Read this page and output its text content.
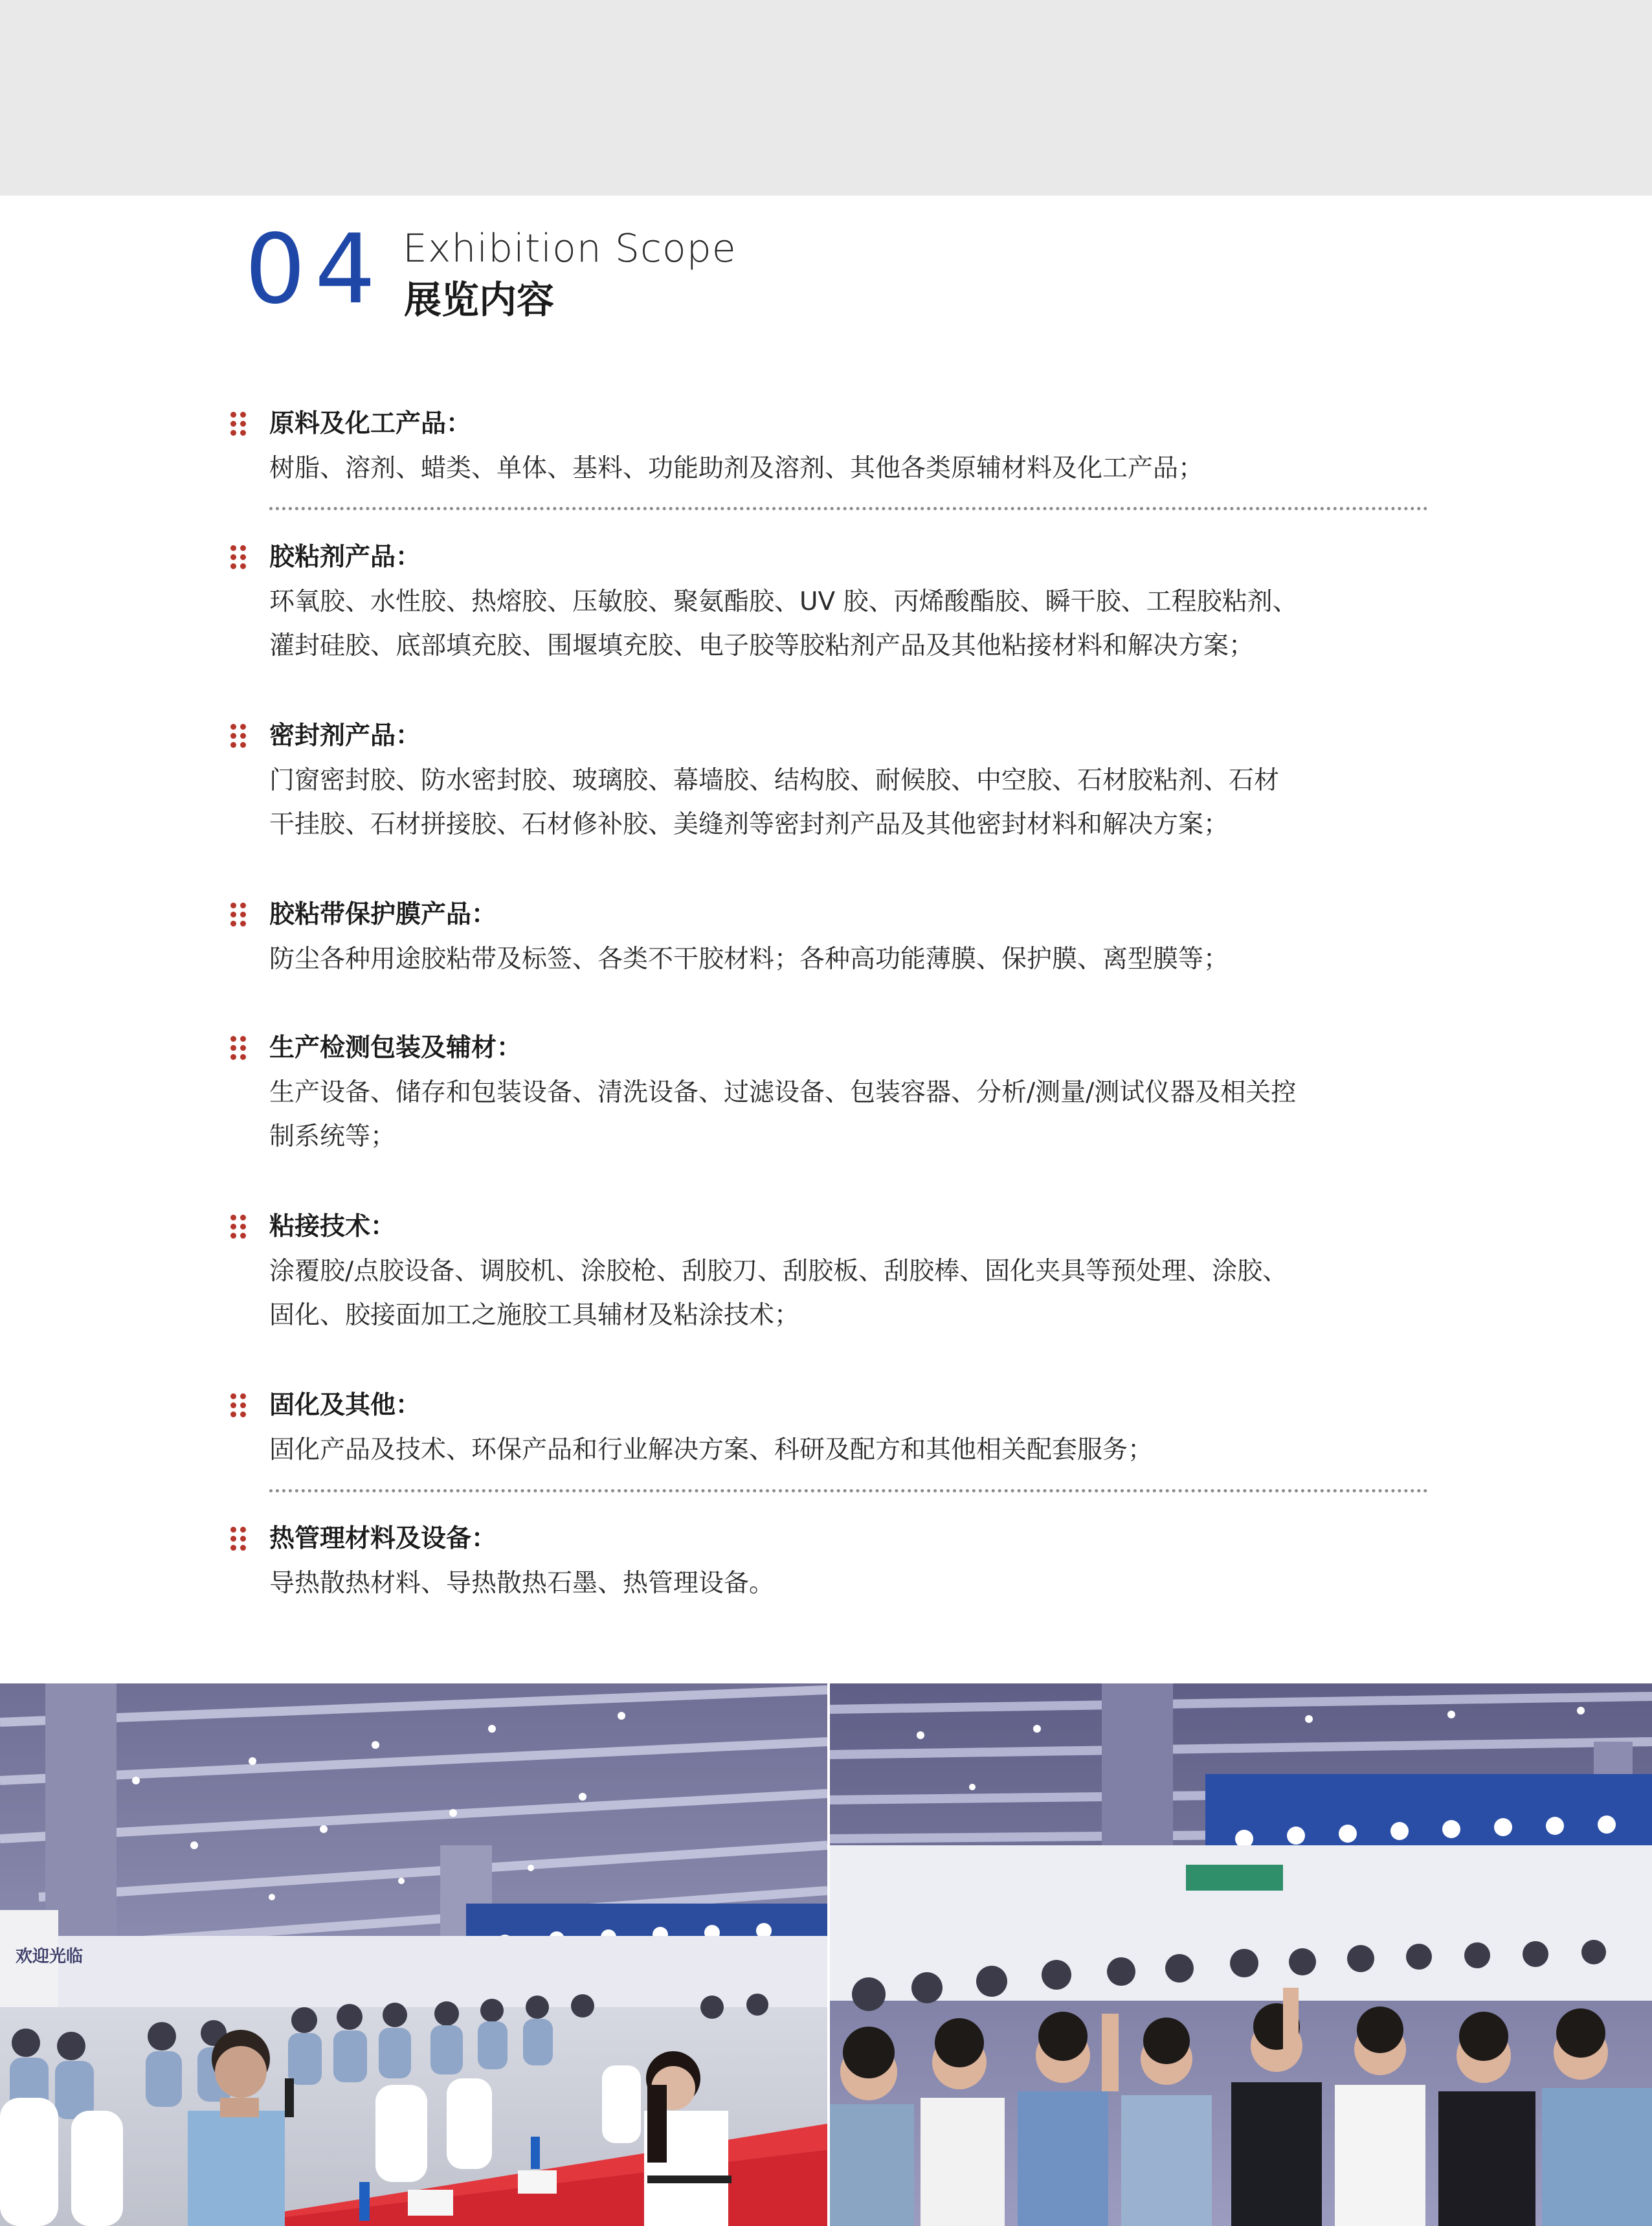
04 Exhibition Scope
展览内容
原料及化工产品：

树脂、溶剂、蜡类、单体、基料、功能助剂及溶剂、其他各类原辅材料及化工产品；

胶粘剂产品：

环氧胶、水性胶、热熔胶、压敏胶、聚氨酯胶、UV 胶、丙烯酸酯胶、瞬干胶、工程胶粘剂、
灌封硅胶、底部填充胶、围堰填充胶、电子胶等胶粘剂产品及其他粘接材料和解决方案；

密封剂产品：

门窗密封胶、防水密封胶、玻璃胶、幕墙胶、结构胶、耐候胶、中空胶、石材胶粘剂、石材
干挂胶、石材拼接胶、石材修补胶、美缝剂等密封剂产品及其他密封材料和解决方案；

胶粘带保护膜产品：

防尘各种用途胶粘带及标签、各类不干胶材料；各种高功能薄膜、保护膜、离型膜等；

生产检测包装及辅材：

生产设备、储存和包装设备、清洗设备、过滤设备、包装容器、分析/测量/测试仪器及相关控
制系统等；

粘接技术：

涂覆胶/点胶设备、调胶机、涂胶枪、刮胶刀、刮胶板、刮胶棒、固化夹具等预处理、涂胶、
固化、胶接面加工之施胶工具辅材及粘涂技术；

固化及其他：

固化产品及技术、环保产品和行业解决方案、科研及配方和其他相关配套服务；

热管理材料及设备：

导热散热材料、导热散热石墨、热管理设备。

欢迎光临
